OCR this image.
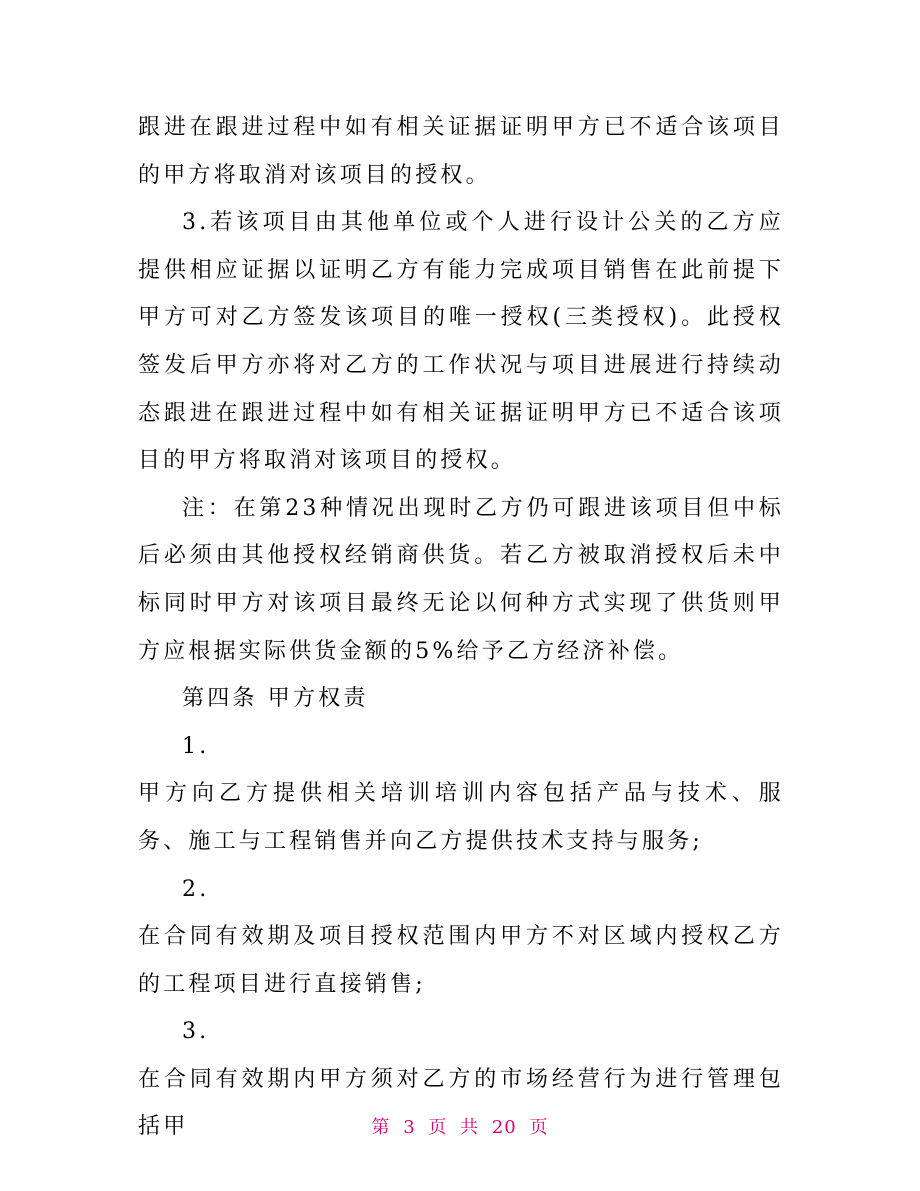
跟进在跟进过程中如有相关证据证明甲方已不适合该项目的甲方将取消对该项目的授权。

3.若该项目由其他单位或个人进行设计公关的乙方应提供相应证据以证明乙方有能力完成项目销售在此前提下甲方可对乙方签发该项目的唯一授权(三类授权)。此授权签发后甲方亦将对乙方的工作状况与项目进展进行持续动态跟进在跟进过程中如有相关证据证明甲方已不适合该项目的甲方将取消对该项目的授权。

注：在第23种情况出现时乙方仍可跟进该项目但中标后必须由其他授权经销商供货。若乙方被取消授权后未中标同时甲方对该项目最终无论以何种方式实现了供货则甲方应根据实际供货金额的5%给予乙方经济补偿。

第四条 甲方权责

1.

甲方向乙方提供相关培训培训内容包括产品与技术、服务、施工与工程销售并向乙方提供技术支持与服务;

2.

在合同有效期及项目授权范围内甲方不对区域内授权乙方的工程项目进行直接销售;

3.

在合同有效期内甲方须对乙方的市场经营行为进行管理包括甲	第 3 页 共 20 页
